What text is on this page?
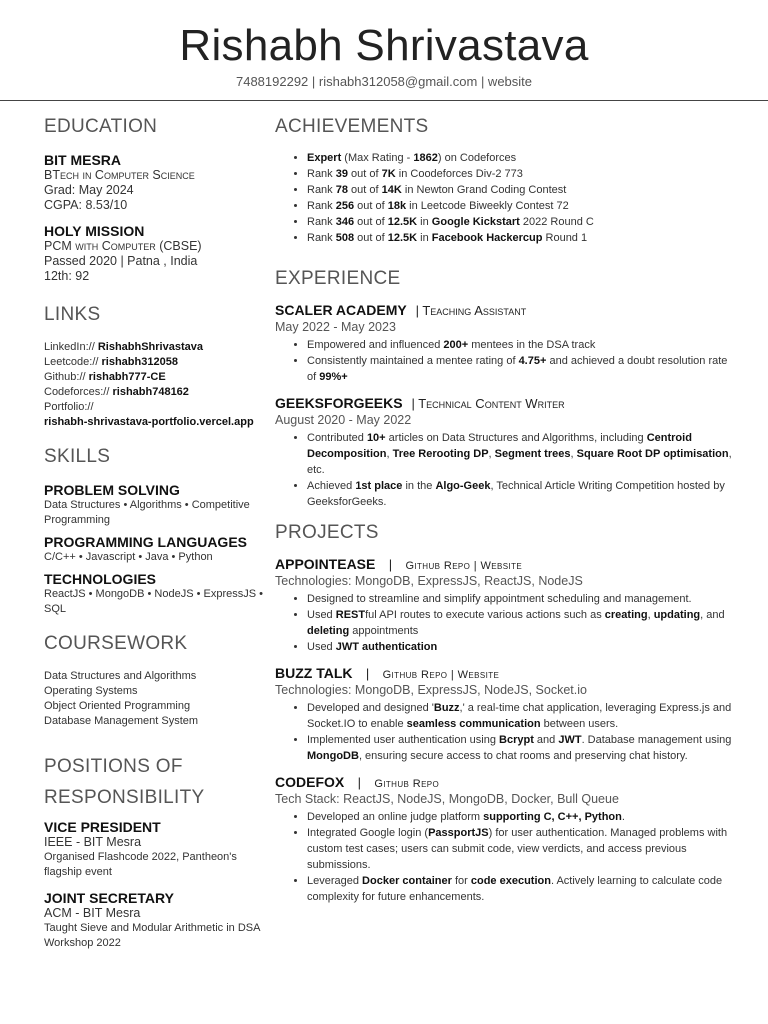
Rishabh Shrivastava
7488192292 | rishabh312058@gmail.com | website
EDUCATION
BIT MESRA
BTech in Computer Science
Grad: May 2024
CGPA: 8.53/10
HOLY MISSION
PCM with Computer (CBSE)
Passed 2020 | Patna , India
12th: 92
LINKS
LinkedIn:// RishabhShrivastava
Leetcode:// rishabh312058
Github:// rishabh777-CE
Codeforces:// rishabh748162
Portfolio://
rishabh-shrivastava-portfolio.vercel.app
SKILLS
PROBLEM SOLVING
Data Structures • Algorithms • Competitive Programming
PROGRAMMING LANGUAGES
C/C++ • Javascript • Java • Python
TECHNOLOGIES
ReactJS • MongoDB • NodeJS • ExpressJS • SQL
COURSEWORK
Data Structures and Algorithms
Operating Systems
Object Oriented Programming
Database Management System
POSITIONS OF
RESPONSIBILITY
VICE PRESIDENT
IEEE - BIT Mesra
Organised Flashcode 2022, Pantheon's flagship event
JOINT SECRETARY
ACM - BIT Mesra
Taught Sieve and Modular Arithmetic in DSA Workshop 2022
ACHIEVEMENTS
• Expert (Max Rating - 1862) on Codeforces
• Rank 39 out of 7K in Coodeforces Div-2 773
• Rank 78 out of 14K in Newton Grand Coding Contest
• Rank 256 out of 18k in Leetcode Biweekly Contest 72
• Rank 346 out of 12.5K in Google Kickstart 2022 Round C
• Rank 508 out of 12.5K in Facebook Hackercup Round 1
EXPERIENCE
SCALER ACADEMY | Teaching Assistant
May 2022 - May 2023
• Empowered and influenced 200+ mentees in the DSA track
• Consistently maintained a mentee rating of 4.75+ and achieved a doubt resolution rate of 99%+
GEEKSFORGEEKS | Technical Content Writer
August 2020 - May 2022
• Contributed 10+ articles on Data Structures and Algorithms, including Centroid Decomposition, Tree Rerooting DP, Segment trees, Square Root DP optimisation, etc.
• Achieved 1st place in the Algo-Geek, Technical Article Writing Competition hosted by GeeksforGeeks.
PROJECTS
APPOINTEASE | Github Repo | Website
Technologies: MongoDB, ExpressJS, ReactJS, NodeJS
• Designed to streamline and simplify appointment scheduling and management.
• Used RESTful API routes to execute various actions such as creating, updating, and deleting appointments
• Used JWT authentication
BUZZ TALK | Github Repo | Website
Technologies: MongoDB, ExpressJS, NodeJS, Socket.io
• Developed and designed 'Buzz,' a real-time chat application, leveraging Express.js and Socket.IO to enable seamless communication between users.
• Implemented user authentication using Bcrypt and JWT. Database management using MongoDB, ensuring secure access to chat rooms and preserving chat history.
CODEFOX | Github Repo
Tech Stack: ReactJS, NodeJS, MongoDB, Docker, Bull Queue
• Developed an online judge platform supporting C, C++, Python.
• Integrated Google login (PassportJS) for user authentication. Managed problems with custom test cases; users can submit code, view verdicts, and access previous submissions.
• Leveraged Docker container for code execution. Actively learning to calculate code complexity for future enhancements.
